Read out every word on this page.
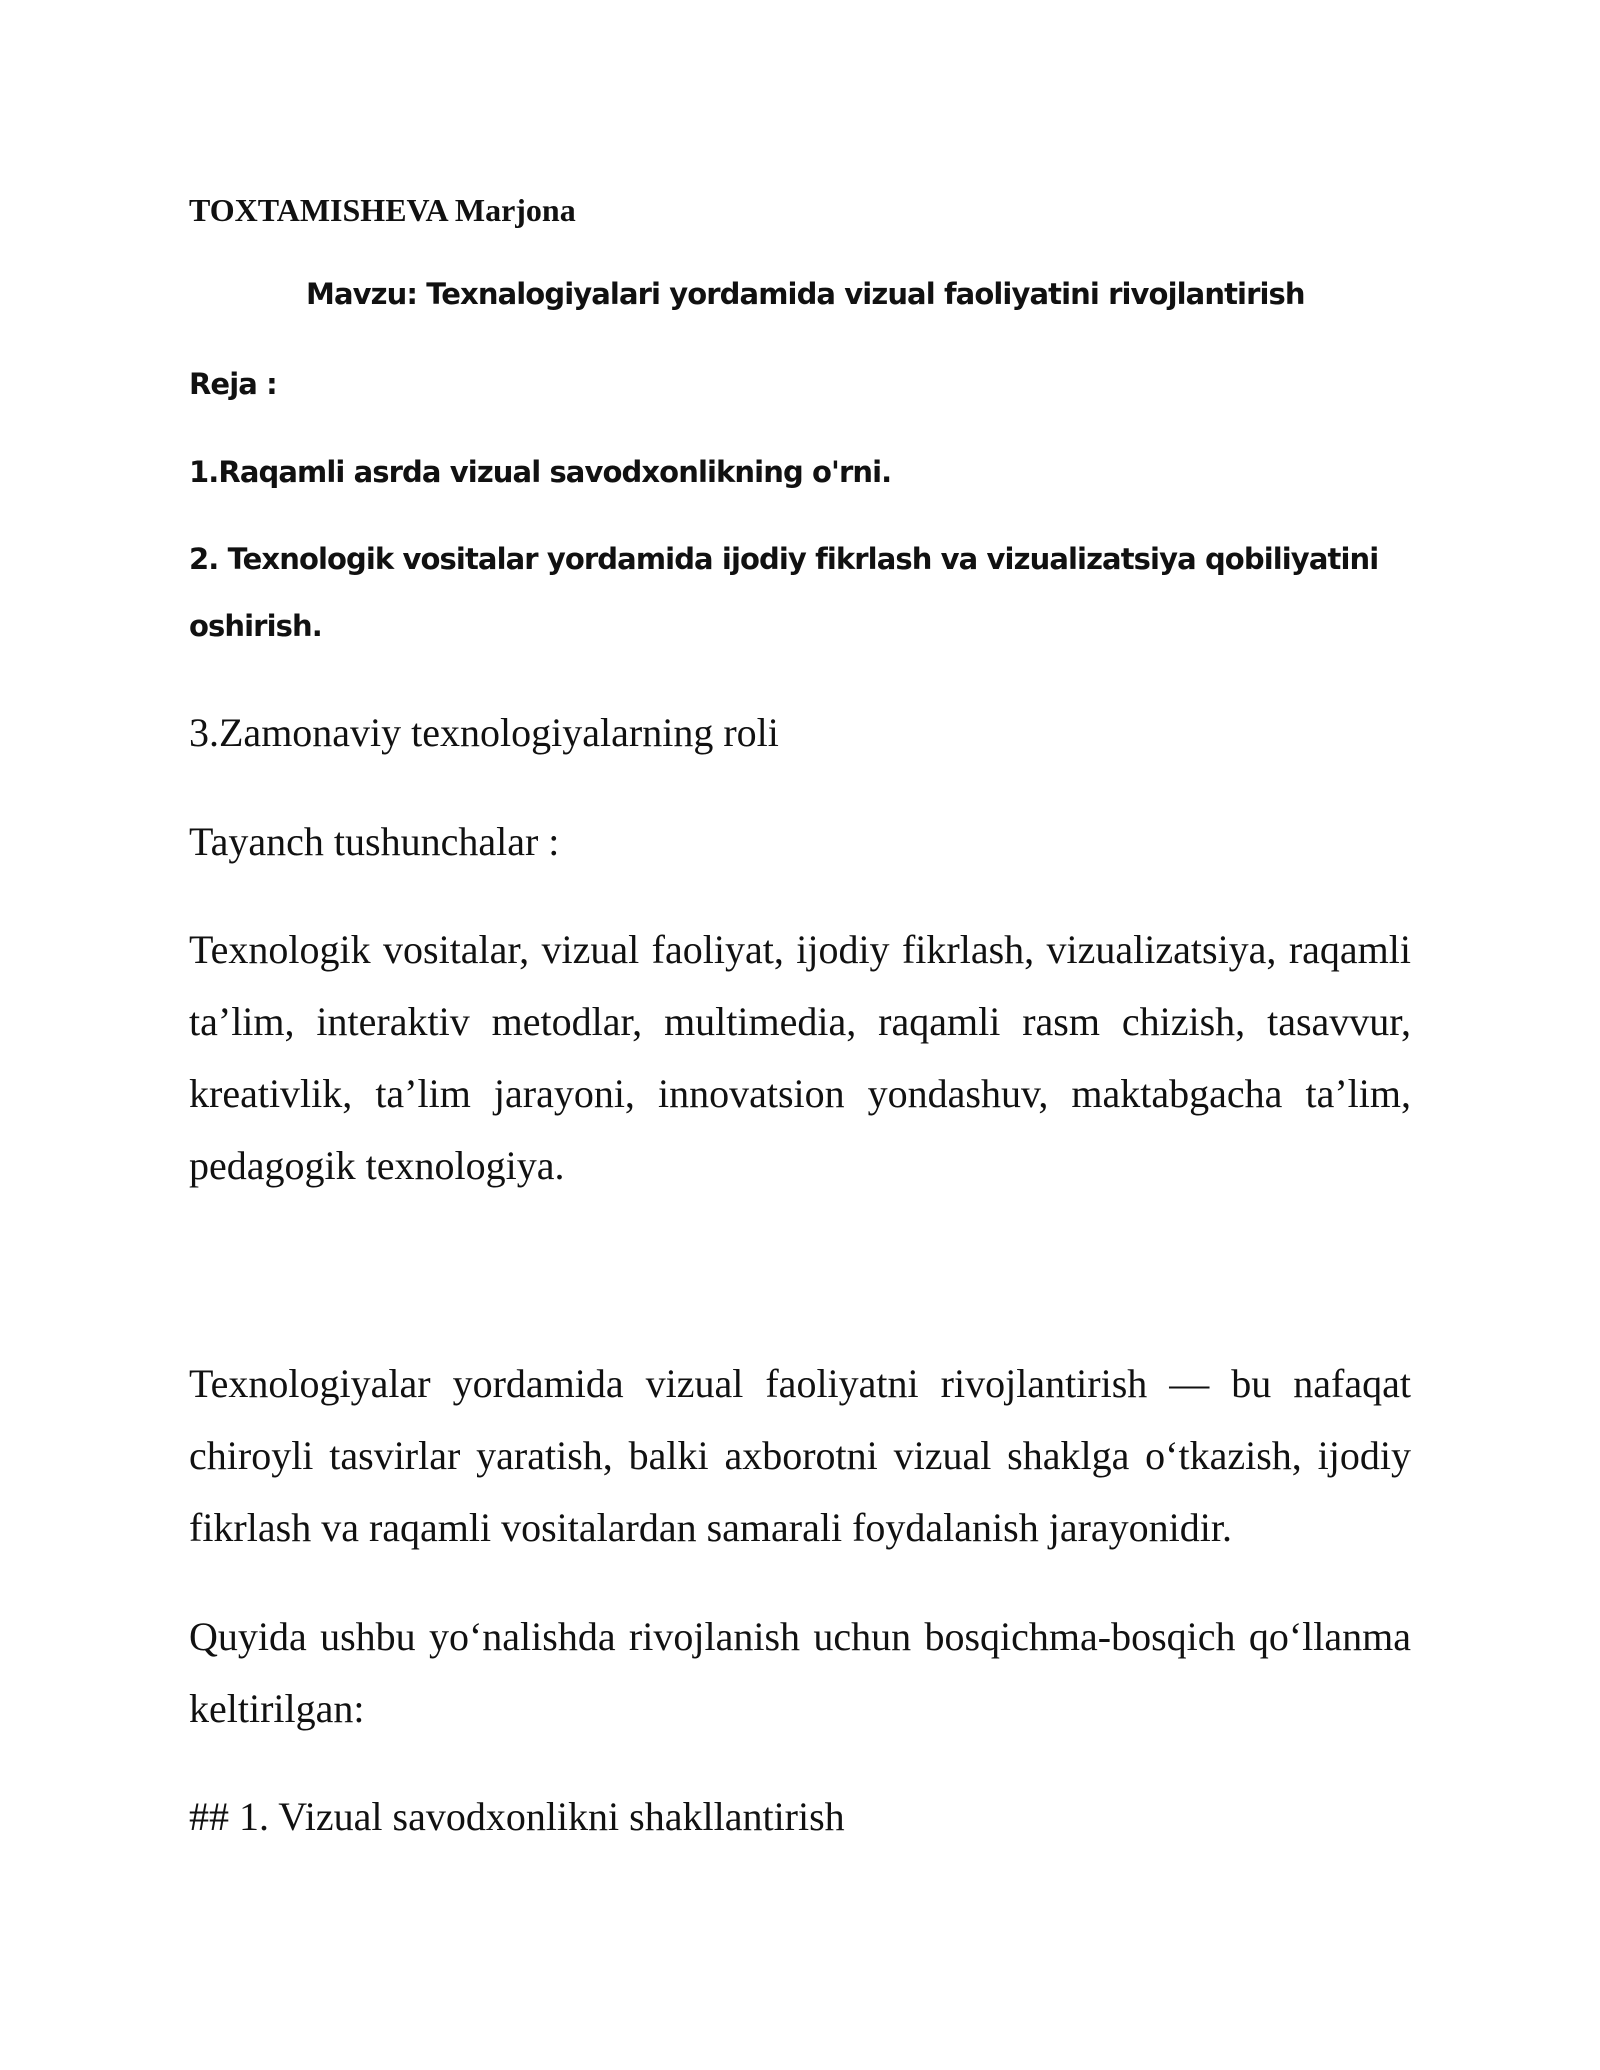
TOXTAMISHEVA Marjona
Mavzu: Texnalogiyalari yordamida vizual faoliyatini rivojlantirish
Reja :
1.Raqamli asrda vizual savodxonlikning o'rni.
2. Texnologik vositalar yordamida ijodiy fikrlash va vizualizatsiya qobiliyatini oshirish.
3.Zamonaviy texnologiyalarning roli
Tayanch tushunchalar :
Texnologik vositalar, vizual faoliyat, ijodiy fikrlash, vizualizatsiya, raqamli ta’lim, interaktiv metodlar, multimedia, raqamli rasm chizish, tasavvur, kreativlik, ta’lim jarayoni, innovatsion yondashuv, maktabgacha ta’lim, pedagogik texnologiya.
Texnologiyalar yordamida vizual faoliyatni rivojlantirish — bu nafaqat chiroyli tasvirlar yaratish, balki axborotni vizual shaklga o‘tkazish, ijodiy fikrlash va raqamli vositalardan samarali foydalanish jarayonidir.
Quyida ushbu yo‘nalishda rivojlanish uchun bosqichma-bosqich qo‘llanma keltirilgan:
## 1. Vizual savodxonlikni shakllantirish
